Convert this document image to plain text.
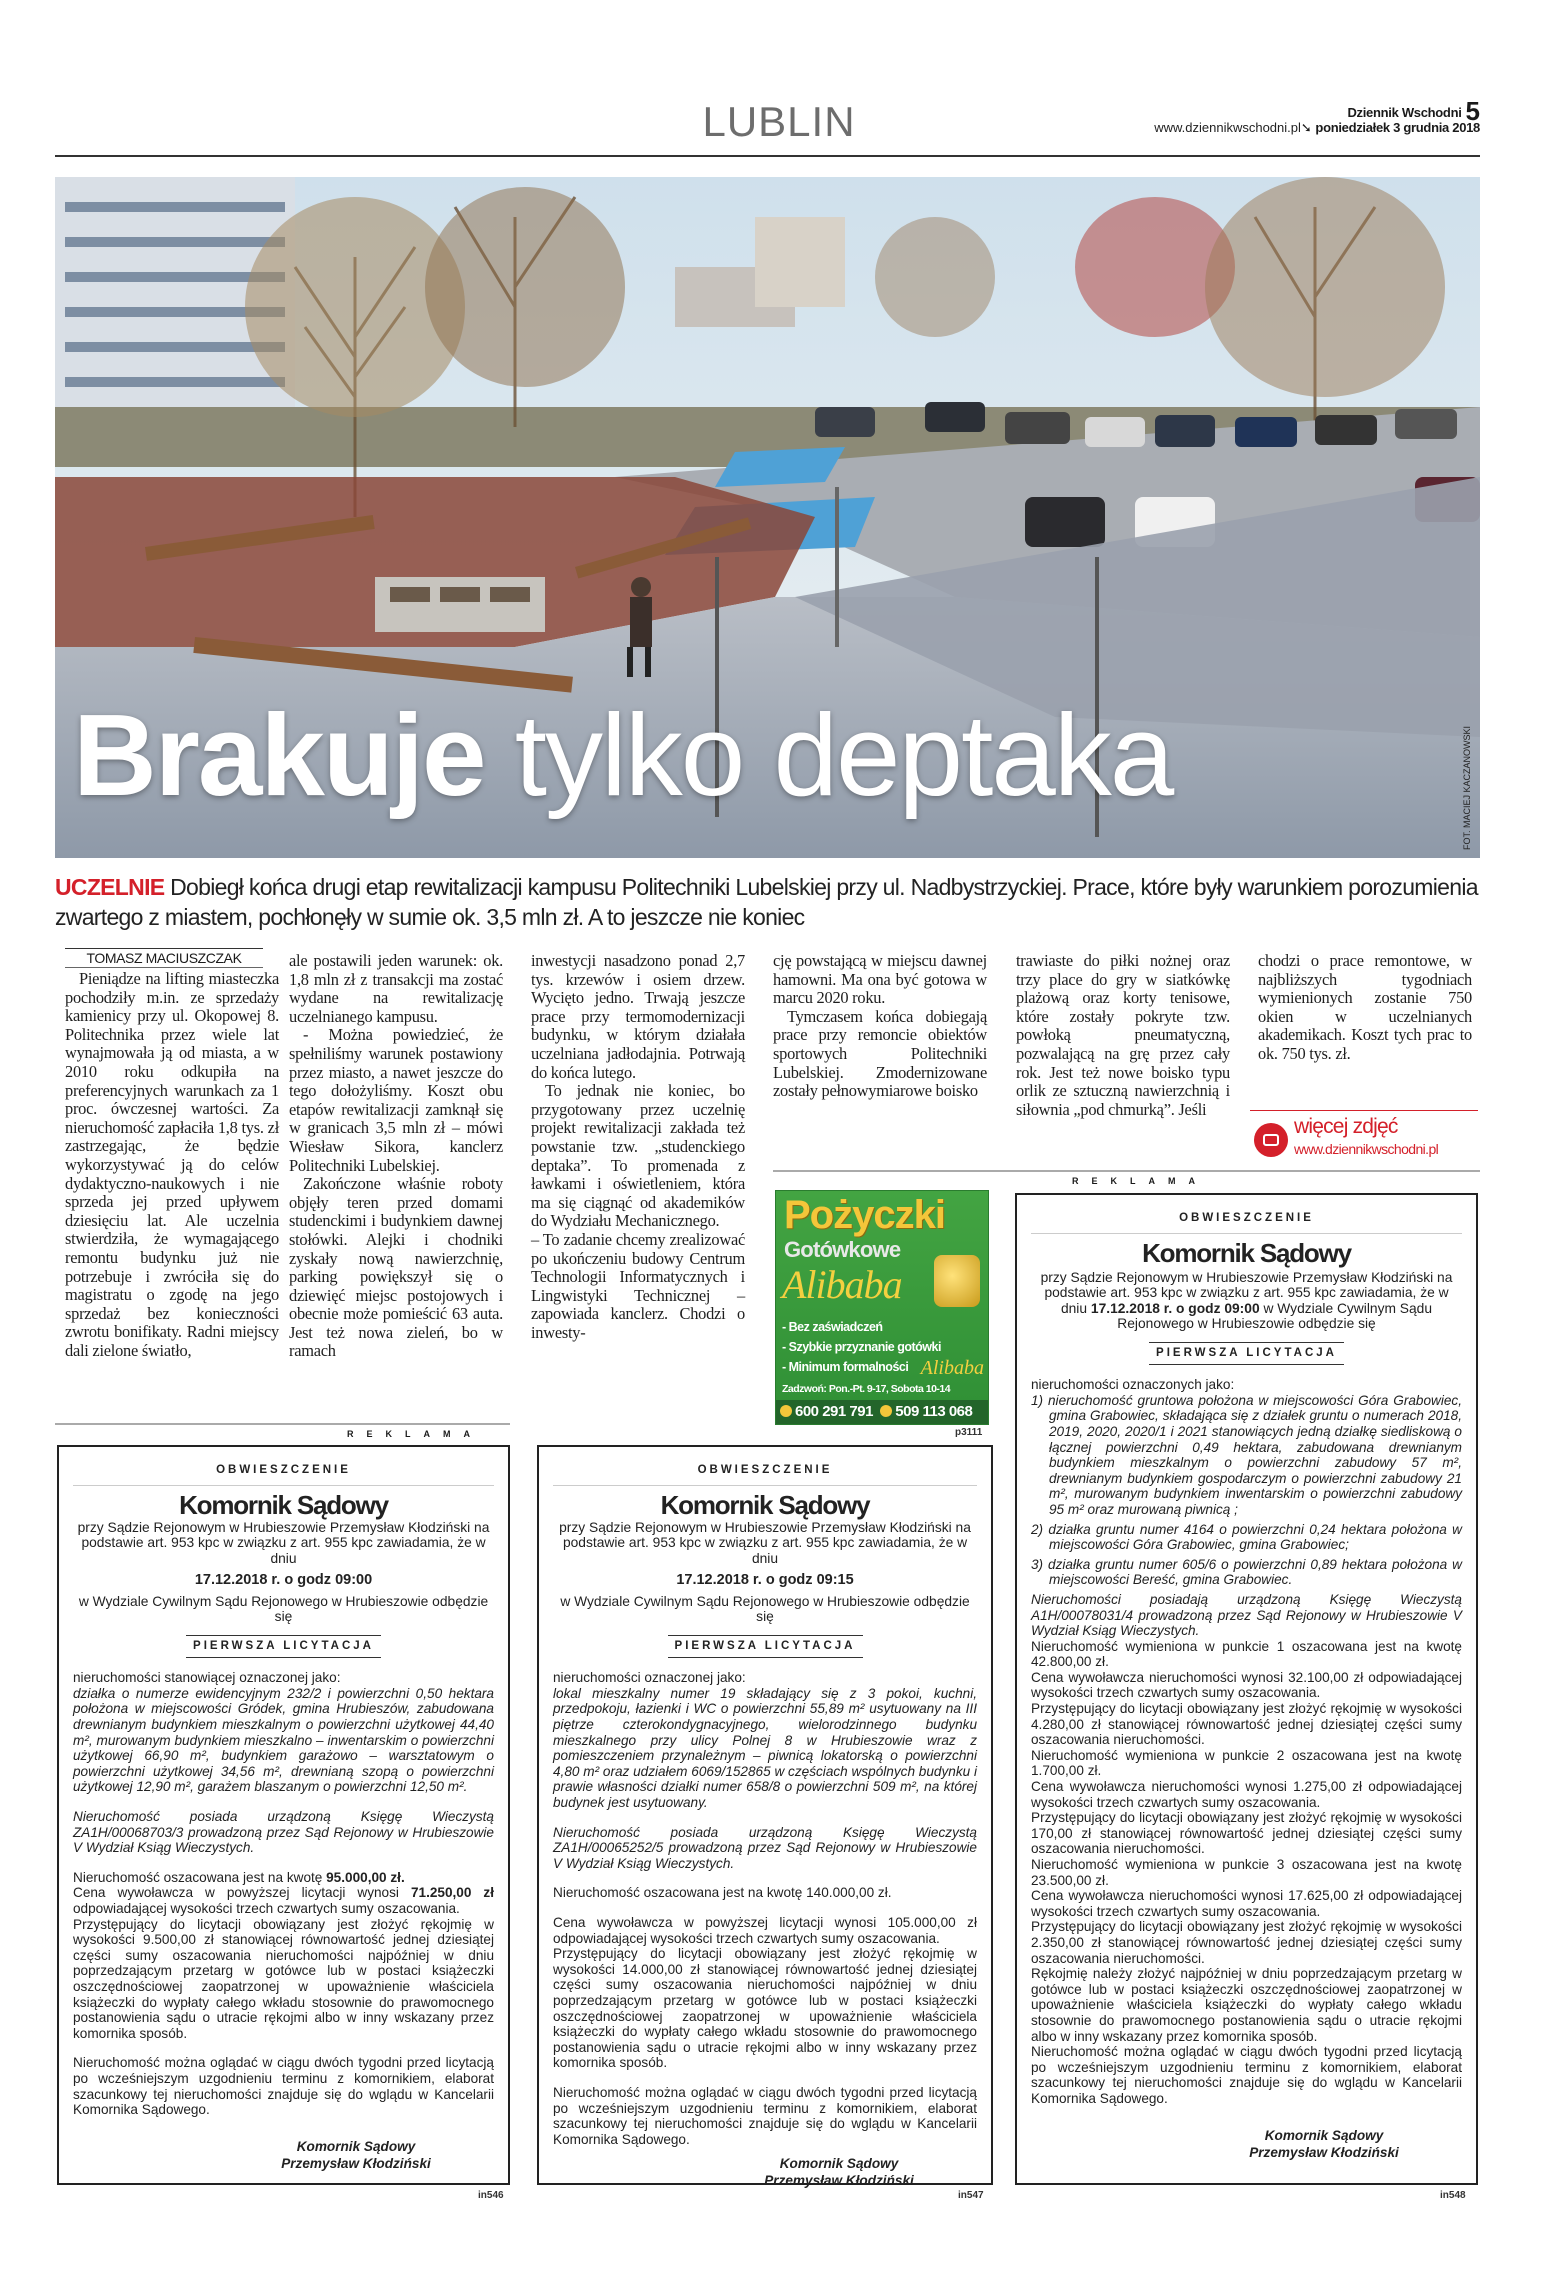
LUBLIN	Dziennik Wschodni 5
www.dziennikwschodni.pl➘ poniedziałek 3 grudnia 2018
Brakuje tylko deptaka	FOT. MACIEJ KACZANOWSKI
UCZELNIE Dobiegł końca drugi etap rewitalizacji kampusu Politechniki Lubelskiej przy ul. Nadbystrzyckiej. Prace, które były warunkiem porozumienia zwartego z miastem, pochłonęły w sumie ok. 3,5 mln zł. A to jeszcze nie koniec
TOMASZ MACIUSZCZAK

Pieniądze na lifting miasteczka pochodziły m.in. ze sprzedaży kamienicy przy ul. Okopowej 8. Politechnika przez wiele lat wynajmowała ją od miasta, a w 2010 roku odkupiła na preferencyjnych warunkach za 1 proc. ówczesnej wartości. Za nieruchomość zapłaciła 1,8 tys. zł zastrzegając, że będzie wykorzystywać ją do celów dydaktyczno-naukowych i nie sprzeda jej przed upływem dziesięciu lat. Ale uczelnia stwierdziła, że wymagającego remontu budynku już nie potrzebuje i zwróciła się do magistratu o zgodę na jego sprzedaż bez konieczności zwrotu bonifikaty. Radni miejscy dali zielone światło,

ale postawili jeden warunek: ok. 1,8 mln zł z transakcji ma zostać wydane na rewitalizację uczelnianego kampusu.

- Można powiedzieć, że spełniliśmy warunek postawiony przez miasto, a nawet jeszcze do tego dołożyliśmy. Koszt obu etapów rewitalizacji zamknął się w granicach 3,5 mln zł – mówi Wiesław Sikora, kanclerz Politechniki Lubelskiej.

Zakończone właśnie roboty objęły teren przed domami studenckimi i budynkiem dawnej stołówki. Alejki i chodniki zyskały nową nawierzchnię, parking powiększył się o dziewięć miejsc postojowych i obecnie może pomieścić 63 auta. Jest też nowa zieleń, bo w ramach

inwestycji nasadzono ponad 2,7 tys. krzewów i osiem drzew. Wycięto jedno. Trwają jeszcze prace przy termomodernizacji budynku, w którym działała uczelniana jadłodajnia. Potrwają do końca lutego.

To jednak nie koniec, bo przygotowany przez uczelnię projekt rewitalizacji zakłada też powstanie tzw. „studenckiego deptaka”. To promenada z ławkami i oświetleniem, która ma się ciągnąć od akademików do Wydziału Mechanicznego.

– To zadanie chcemy zrealizować po ukończeniu budowy Centrum Technologii Informatycznych i Lingwistyki Technicznej – zapowiada kanclerz. Chodzi o inwesty-

cję powstającą w miejscu dawnej hamowni. Ma ona być gotowa w marcu 2020 roku.

Tymczasem końca dobiegają prace przy remoncie obiektów sportowych Politechniki Lubelskiej. Zmodernizowane zostały pełnowymiarowe boisko

trawiaste do piłki nożnej oraz trzy place do gry w siatkówkę plażową oraz korty tenisowe, które zostały pokryte tzw. powłoką pneumatyczną, pozwalającą na grę przez cały rok. Jest też nowe boisko typu orlik ze sztuczną nawierzchnią i siłownia „pod chmurką”. Jeśli

chodzi o prace remontowe, w najbliższych tygodniach wymienionych zostanie 750 okien w uczelnianych akademikach. Koszt tych prac to ok. 750 tys. zł.

więcej zdjęć
www.dziennikwschodni.pl
REKLAMA
Pożyczki
Gotówkowe
Alibaba
- Bez zaświadczeń
- Szybkie przyznanie gotówki
- Minimum formalności Alibaba
Zadzwoń: Pon.-Pt. 9-17, Sobota 10-14
600 291 791 509 113 068
p3111
OBWIESZCZENIE
Komornik Sądowy
przy Sądzie Rejonowym w Hrubieszowie Przemysław Kłodziński na podstawie art. 953 kpc w związku z art. 955 kpc zawiadamia, że w dniu 17.12.2018 r. o godz 09:00 w Wydziale Cywilnym Sądu Rejonowego w Hrubieszowie odbędzie się
PIERWSZA LICYTACJA
nieruchomości oznaczonych jako:
1) nieruchomość gruntowa położona w miejscowości Góra Grabowiec, gmina Grabowiec, składająca się z działek gruntu o numerach 2018, 2019, 2020, 2020/1 i 2021 stanowiących jedną działkę siedliskową o łącznej powierzchni 0,49 hektara, zabudowana drewnianym budynkiem mieszkalnym o powierzchni zabudowy 57 m², drewnianym budynkiem gospodarczym o powierzchni zabudowy 21 m², murowanym budynkiem inwentarskim o powierzchni zabudowy 95 m² oraz murowaną piwnicą ;
2) działka gruntu numer 4164 o powierzchni 0,24 hektara położona w miejscowości Góra Grabowiec, gmina Grabowiec;
3) działka gruntu numer 605/6 o powierzchni 0,89 hektara położona w miejscowości Bereść, gmina Grabowiec.
Nieruchomości posiadają urządzoną Księgę Wieczystą A1H/00078031/4 prowadzoną przez Sąd Rejonowy w Hrubieszowie V Wydział Ksiąg Wieczystych.
Nieruchomość wymieniona w punkcie 1 oszacowana jest na kwotę 42.800,00 zł.
Cena wywoławcza nieruchomości wynosi 32.100,00 zł odpowiadającej wysokości trzech czwartych sumy oszacowania.
Przystępujący do licytacji obowiązany jest złożyć rękojmię w wysokości 4.280,00 zł stanowiącej równowartość jednej dziesiątej części sumy oszacowania nieruchomości.
Nieruchomość wymieniona w punkcie 2 oszacowana jest na kwotę 1.700,00 zł.
Cena wywoławcza nieruchomości wynosi 1.275,00 zł odpowiadającej wysokości trzech czwartych sumy oszacowania.
Przystępujący do licytacji obowiązany jest złożyć rękojmię w wysokości 170,00 zł stanowiącej równowartość jednej dziesiątej części sumy oszacowania nieruchomości.
Nieruchomość wymieniona w punkcie 3 oszacowana jest na kwotę 23.500,00 zł.
Cena wywoławcza nieruchomości wynosi 17.625,00 zł odpowiadającej wysokości trzech czwartych sumy oszacowania.
Przystępujący do licytacji obowiązany jest złożyć rękojmię w wysokości 2.350,00 zł stanowiącej równowartość jednej dziesiątej części sumy oszacowania nieruchomości.
Rękojmię należy złożyć najpóźniej w dniu poprzedzającym przetarg w gotówce lub w postaci książeczki oszczędnościowej zaopatrzonej w upoważnienie właściciela książeczki do wypłaty całego wkładu stosownie do prawomocnego postanowienia sądu o utracie rękojmi albo w inny wskazany przez komornika sposób.
Nieruchomość można oglądać w ciągu dwóch tygodni przed licytacją po wcześniejszym uzgodnieniu terminu z komornikiem, elaborat szacunkowy tej nieruchomości znajduje się do wglądu w Kancelarii Komornika Sądowego.
Komornik Sądowy
Przemysław Kłodziński
in548
REKLAMA
OBWIESZCZENIE
Komornik Sądowy
przy Sądzie Rejonowym w Hrubieszowie Przemysław Kłodziński na podstawie art. 953 kpc w związku z art. 955 kpc zawiadamia, że w dniu
17.12.2018 r. o godz 09:00
w Wydziale Cywilnym Sądu Rejonowego w Hrubieszowie odbędzie się
PIERWSZA LICYTACJA
nieruchomości stanowiącej oznaczonej jako:
działka o numerze ewidencyjnym 232/2 i powierzchni 0,50 hektara położona w miejscowości Gródek, gmina Hrubieszów, zabudowana drewnianym budynkiem mieszkalnym o powierzchni użytkowej 44,40 m², murowanym budynkiem mieszkalno – inwentarskim o powierzchni użytkowej 66,90 m², budynkiem garażowo – warsztatowym o powierzchni użytkowej 34,56 m², drewnianą szopą o powierzchni użytkowej 12,90 m², garażem blaszanym o powierzchni 12,50 m².
Nieruchomość posiada urządzoną Księgę Wieczystą ZA1H/00068703/3 prowadzoną przez Sąd Rejonowy w Hrubieszowie V Wydział Ksiąg Wieczystych.
Nieruchomość oszacowana jest na kwotę 95.000,00 zł.
Cena wywoławcza w powyższej licytacji wynosi 71.250,00 zł odpowiadającej wysokości trzech czwartych sumy oszacowania.
Przystępujący do licytacji obowiązany jest złożyć rękojmię w wysokości 9.500,00 zł stanowiącej równowartość jednej dziesiątej części sumy oszacowania nieruchomości najpóźniej w dniu poprzedzającym przetarg w gotówce lub w postaci książeczki oszczędnościowej zaopatrzonej w upoważnienie właściciela książeczki do wypłaty całego wkładu stosownie do prawomocnego postanowienia sądu o utracie rękojmi albo w inny wskazany przez komornika sposób.
Nieruchomość można oglądać w ciągu dwóch tygodni przed licytacją po wcześniejszym uzgodnieniu terminu z komornikiem, elaborat szacunkowy tej nieruchomości znajduje się do wglądu w Kancelarii Komornika Sądowego.
Komornik Sądowy
Przemysław Kłodziński
in546
OBWIESZCZENIE
Komornik Sądowy
przy Sądzie Rejonowym w Hrubieszowie Przemysław Kłodziński na podstawie art. 953 kpc w związku z art. 955 kpc zawiadamia, że w dniu
17.12.2018 r. o godz 09:15
w Wydziale Cywilnym Sądu Rejonowego w Hrubieszowie odbędzie się
PIERWSZA LICYTACJA
nieruchomości oznaczonej jako:
lokal mieszkalny numer 19 składający się z 3 pokoi, kuchni, przedpokoju, łazienki i WC o powierzchni 55,89 m² usytuowany na III piętrze czterokondygnacyjnego, wielorodzinnego budynku mieszkalnego przy ulicy Polnej 8 w Hrubieszowie wraz z pomieszczeniem przynależnym – piwnicą lokatorską o powierzchni 4,80 m² oraz udziałem 6069/152865 w częściach wspólnych budynku i prawie własności działki numer 658/8 o powierzchni 509 m², na której budynek jest usytuowany.
Nieruchomość posiada urządzoną Księgę Wieczystą ZA1H/00065252/5 prowadzoną przez Sąd Rejonowy w Hrubieszowie V Wydział Ksiąg Wieczystych.
Nieruchomość oszacowana jest na kwotę 140.000,00 zł.
Cena wywoławcza w powyższej licytacji wynosi 105.000,00 zł odpowiadającej wysokości trzech czwartych sumy oszacowania.
Przystępujący do licytacji obowiązany jest złożyć rękojmię w wysokości 14.000,00 zł stanowiącej równowartość jednej dziesiątej części sumy oszacowania nieruchomości najpóźniej w dniu poprzedzającym przetarg w gotówce lub w postaci książeczki oszczędnościowej zaopatrzonej w upoważnienie właściciela książeczki do wypłaty całego wkładu stosownie do prawomocnego postanowienia sądu o utracie rękojmi albo w inny wskazany przez komornika sposób.
Nieruchomość można oglądać w ciągu dwóch tygodni przed licytacją po wcześniejszym uzgodnieniu terminu z komornikiem, elaborat szacunkowy tej nieruchomości znajduje się do wglądu w Kancelarii Komornika Sądowego.
Komornik Sądowy
Przemysław Kłodziński
in547
